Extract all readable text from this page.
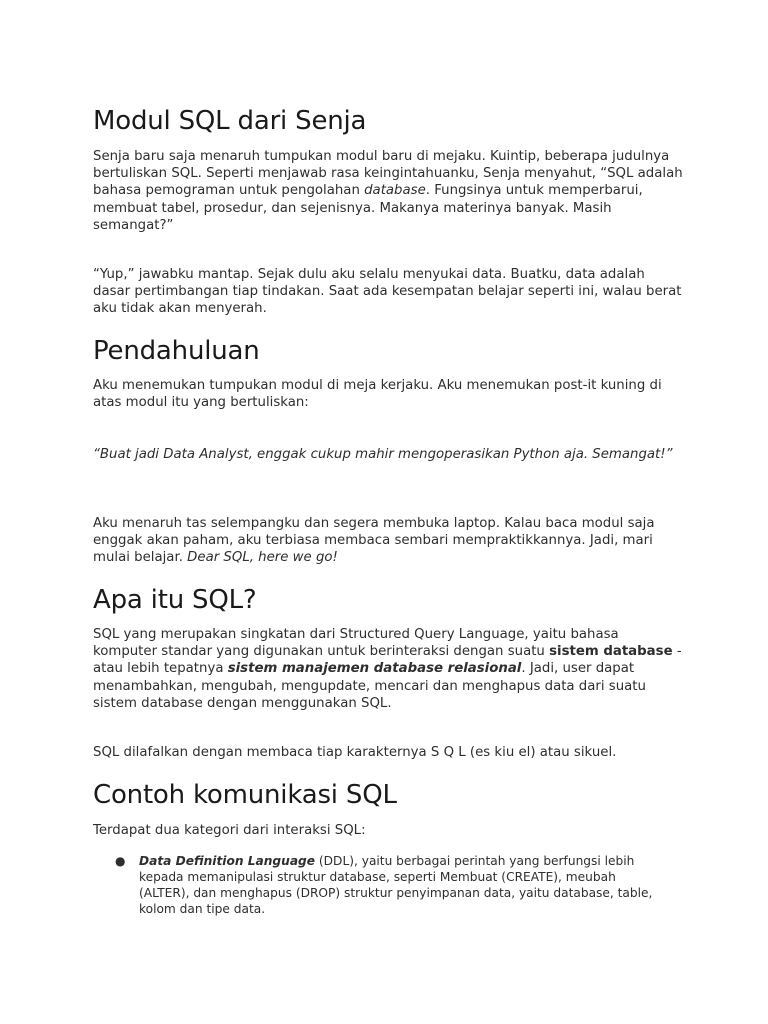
Modul SQL dari Senja

Senja baru saja menaruh tumpukan modul baru di mejaku. Kuintip, beberapa judulnya bertuliskan SQL. Seperti menjawab rasa keingintahuanku, Senja menyahut, “SQL adalah bahasa pemograman untuk pengolahan database. Fungsinya untuk memperbarui, membuat tabel, prosedur, dan sejenisnya. Makanya materinya banyak. Masih semangat?”

“Yup,” jawabku mantap. Sejak dulu aku selalu menyukai data. Buatku, data adalah dasar pertimbangan tiap tindakan. Saat ada kesempatan belajar seperti ini, walau berat aku tidak akan menyerah.

Pendahuluan

Aku menemukan tumpukan modul di meja kerjaku. Aku menemukan post-it kuning di atas modul itu yang bertuliskan:

“Buat jadi Data Analyst, enggak cukup mahir mengoperasikan Python aja. Semangat!”

Aku menaruh tas selempangku dan segera membuka laptop. Kalau baca modul saja enggak akan paham, aku terbiasa membaca sembari mempraktikkannya. Jadi, mari mulai belajar. Dear SQL, here we go!

Apa itu SQL?

SQL yang merupakan singkatan dari Structured Query Language, yaitu bahasa komputer standar yang digunakan untuk berinteraksi dengan suatu sistem database - atau lebih tepatnya sistem manajemen database relasional. Jadi, user dapat menambahkan, mengubah, mengupdate, mencari dan menghapus data dari suatu sistem database dengan menggunakan SQL.

SQL dilafalkan dengan membaca tiap karakternya S Q L (es kiu el) atau sikuel.

Contoh komunikasi SQL

Terdapat dua kategori dari interaksi SQL:

● Data Definition Language (DDL), yaitu berbagai perintah yang berfungsi lebih kepada memanipulasi struktur database, seperti Membuat (CREATE), meubah (ALTER), dan menghapus (DROP) struktur penyimpanan data, yaitu database, table, kolom dan tipe data.
